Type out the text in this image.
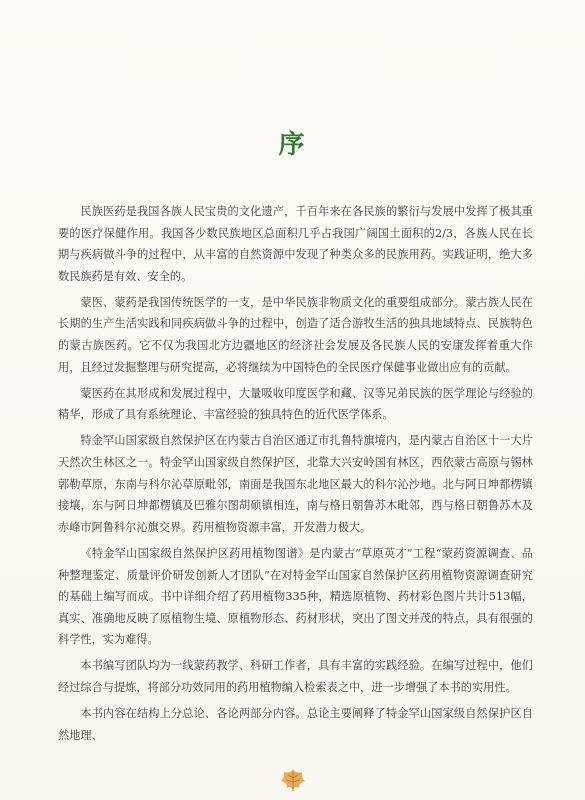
序

民族医药是我国各族人民宝贵的文化遗产，千百年来在各民族的繁衍与发展中发挥了极其重要的医疗保健作用。我国各少数民族地区总面积几乎占我国广阔国土面积的2/3，各族人民在长期与疾病做斗争的过程中，从丰富的自然资源中发现了种类众多的民族用药。实践证明，绝大多数民族药是有效、安全的。

蒙医、蒙药是我国传统医学的一支，是中华民族非物质文化的重要组成部分。蒙古族人民在长期的生产生活实践和同疾病做斗争的过程中，创造了适合游牧生活的独具地域特点、民族特色的蒙古族医药。它不仅为我国北方边疆地区的经济社会发展及各民族人民的安康发挥着重大作用，且经过发掘整理与研究提高，必将继续为中国特色的全民医疗保健事业做出应有的贡献。

蒙医药在其形成和发展过程中，大量吸收印度医学和藏、汉等兄弟民族的医学理论与经验的精华，形成了具有系统理论、丰富经验的独具特色的近代医学体系。

特金罕山国家级自然保护区在内蒙古自治区通辽市扎鲁特旗境内，是内蒙古自治区十一大片天然次生林区之一。特金罕山国家级自然保护区，北靠大兴安岭国有林区，西依蒙古高原与锡林郭勒草原，东南与科尔沁草原毗邻，南面是我国东北地区最大的科尔沁沙地。北与阿日坤都楞镇接壤，东与阿日坤都楞镇及巴雅尔图胡硕镇相连，南与格日朝鲁苏木毗邻，西与格日朝鲁苏木及赤峰市阿鲁科尔沁旗交界。药用植物资源丰富，开发潜力极大。

《特金罕山国家级自然保护区药用植物图谱》是内蒙古“草原英才”工程“蒙药资源调查、品种整理鉴定、质量评价研发创新人才团队”在对特金罕山国家自然保护区药用植物资源调查研究的基础上编写而成。书中详细介绍了药用植物335种，精选原植物、药材彩色图片共计513幅，真实、准确地反映了原植物生境、原植物形态、药材形状，突出了图文并茂的特点，具有很强的科学性，实为难得。

本书编写团队均为一线蒙药教学、科研工作者，具有丰富的实践经验。在编写过程中，他们经过综合与提炼，将部分功效同用的药用植物编入检索表之中，进一步增强了本书的实用性。

本书内容在结构上分总论、各论两部分内容。总论主要阐释了特金罕山国家级自然保护区自然地理、
